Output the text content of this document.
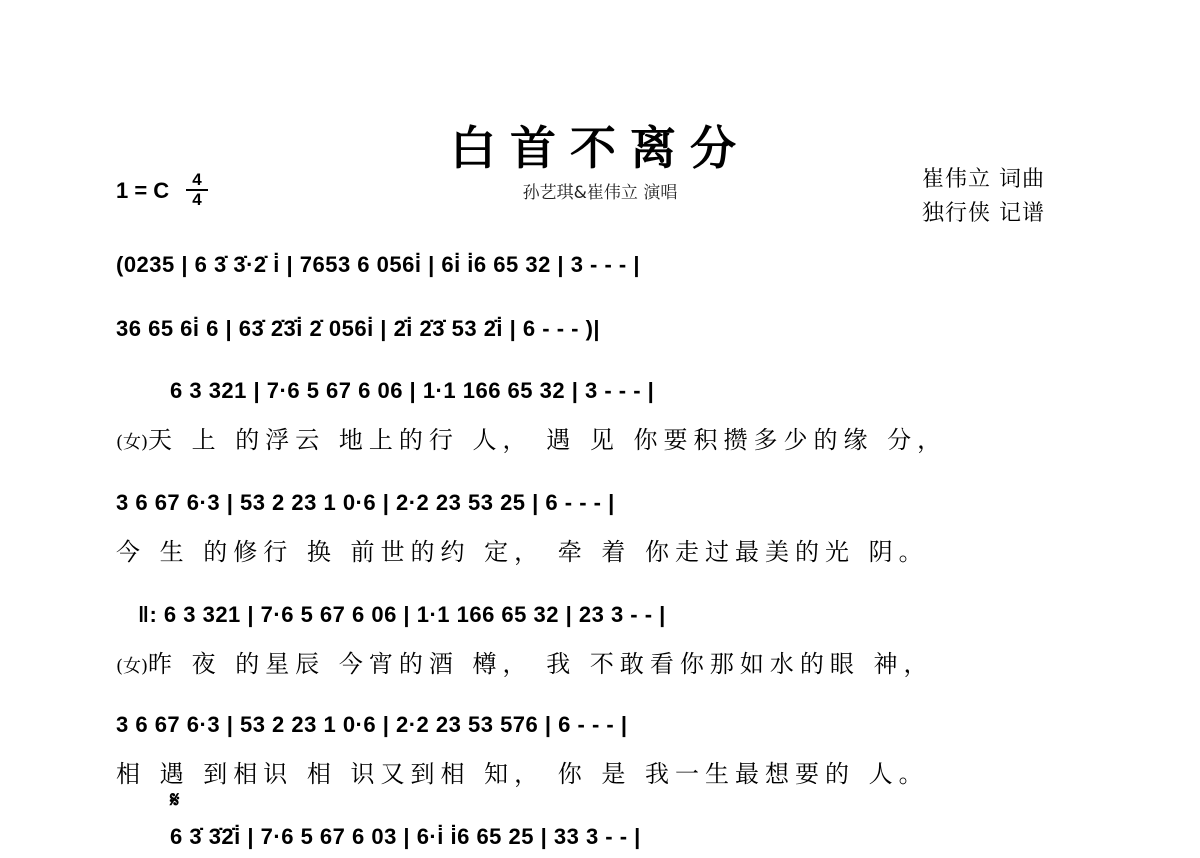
白首不离分
孙艺琪&崔伟立 演唱
崔伟立 词曲
独行侠 记谱
1 = C	4
4
(0235 | 6 3̇ 3̇·2̇ i̇ | 7653 6 056i̇ | 6i̇ i̇6 65 32 | 3 - - - |
36 65 6i̇ 6 | 63̇ 2̇3̇i̇ 2̇ 056i̇ | 2̇i̇ 2̇3̇ 53 2̇i̇ | 6 - - - )|
6 3 321 | 7·6 5 67 6 06 | 1·1 166 65 32 | 3 - - - |
(女)天 上 的浮云 地上的行 人， 遇 见 你要积攒多少的缘 分，
3 6 67 6·3 | 53 2 23 1 0·6 | 2·2 23 53 25 | 6 - - - |
今 生 的修行 换 前世的约 定， 牵 着 你走过最美的光 阴。
‖: 6 3 321 | 7·6 5 67 6 06 | 1·1 166 65 32 | 23 3 - - |
(女)昨 夜 的星辰 今宵的酒 樽， 我 不敢看你那如水的眼 神，
3 6 67 6·3 | 53 2 23 1 0·6 | 2·2 23 53 576 | 6 - - - |
相 遇 到相识 相 识又到相 知， 你 是 我一生最想要的 人。
𝄋
6 3̇ 3̇2̇i̇ | 7·6 5 67 6 03 | 6·i̇ i̇6 65 25 | 33 3 - - |
